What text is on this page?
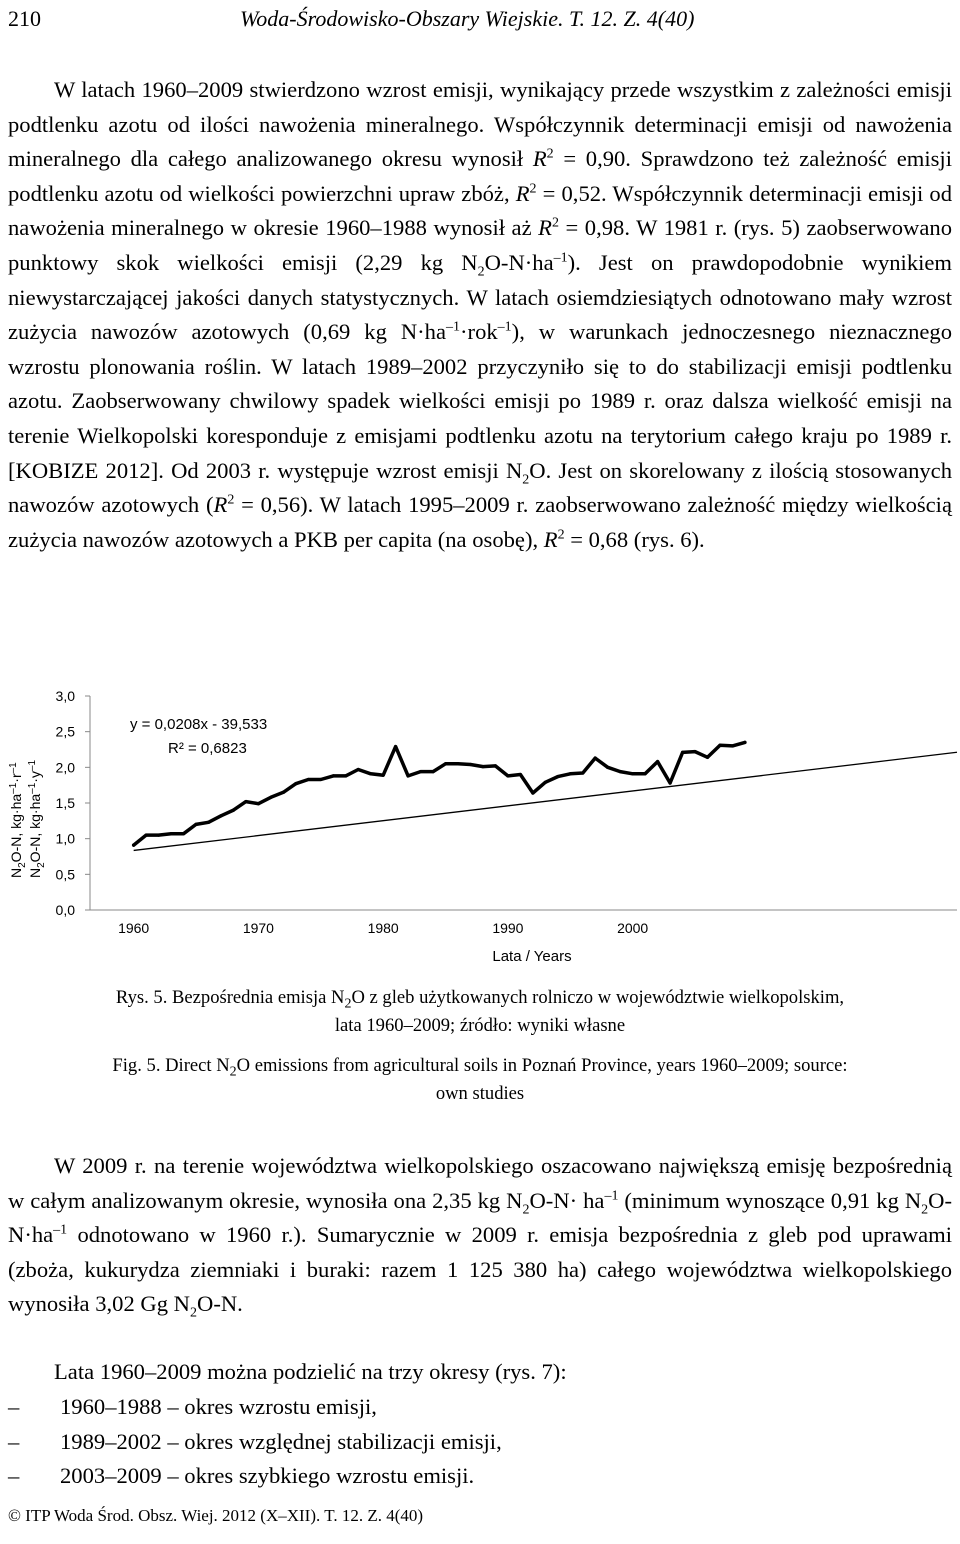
210	Woda-Środowisko-Obszary Wiejskie. T. 12. Z. 4(40)

W latach 1960–2009 stwierdzono wzrost emisji, wynikający przede wszystkim z zależności emisji podtlenku azotu od ilości nawożenia mineralnego. Współczynnik determinacji emisji od nawożenia mineralnego dla całego analizowanego okresu wynosił $R^2 = 0,90$. Sprawdzono też zależność emisji podtlenku azotu od wielkości powierzchni upraw zbóż, $R^2 = 0,52$. Współczynnik determinacji emisji od nawożenia mineralnego w okresie 1960–1988 wynosił aż $R^2 = 0,98$. W 1981 r. (rys. 5) zaobserwowano punktowy skok wielkości emisji (2,29 kg $N_2O-N\cdot ha^{-1}$). Jest on prawdopodobnie wynikiem niewystarczającej jakości danych statystycznych. W latach osiemdziesiątych odnotowano mały wzrost zużycia nawozów azotowych (0,69 kg $N\cdot ha^{-1}\cdot rok^{-1}$), w warunkach jednoczesnego nieznacznego wzrostu plonowania roślin. W latach 1989–2002 przyczyniło się to do stabilizacji emisji podtlenku azotu. Zaobserwowany chwilowy spadek wielkości emisji po 1989 r. oraz dalsza wielkość emisji na terenie Wielkopolski koresponduje z emisjami podtlenku azotu na terytorium całego kraju po 1989 r. [KOBIZE 2012]. Od 2003 r. występuje wzrost emisji $N_2O$. Jest on skorelowany z ilością stosowanych nawozów azotowych $(R^2 = 0,56)$. W latach 1995–2009 r. zaobserwowano zależność między wielkością zużycia nawozów azotowych a PKB per capita (na osobę), $R^2 = 0,68$ (rys. 6).

$N_2O-N$, $kg\cdot ha^{-1}\cdot r^{-1}$
$N_2O-N$, $kg\cdot ha^{-1}\cdot y^{-1}$
0,0
0,5
1,0
1,5
2,0
2,5
3,0
1960	1970	1980	1990	2000
y = 0,0208x - 39,533
R² = 0,6823
Lata / Years
Rys. 5. Bezpośrednia emisja $N_2O$ z gleb użytkowanych rolniczo w województwie wielkopolskim,
lata 1960–2009; źródło: wyniki własne
Fig. 5. Direct $N_2O$ emissions from agricultural soils in Poznań Province, years 1960–2009; source:
own studies

W 2009 r. na terenie województwa wielkopolskiego oszacowano największą emisję bezpośrednią w całym analizowanym okresie, wynosiła ona 2,35 kg $N_2O-N\cdot ha^{-1}$ (minimum wynoszące 0,91 kg $N_2O-N\cdot ha^{-1}$ odnotowano w 1960 r.). Sumarycznie w 2009 r. emisja bezpośrednia z gleb pod uprawami (zboża, kukurydza ziemniaki i buraki: razem 1 125 380 ha) całego województwa wielkopolskiego wynosiła 3,02 Gg $N_2O-N$.

Lata 1960–2009 można podzielić na trzy okresy (rys. 7):

– 1960–1988 – okres wzrostu emisji,
– 1989–2002 – okres względnej stabilizacji emisji,
– 2003–2009 – okres szybkiego wzrostu emisji.
© ITP Woda Środ. Obsz. Wiej. 2012 (X–XII). T. 12. Z. 4(40)
